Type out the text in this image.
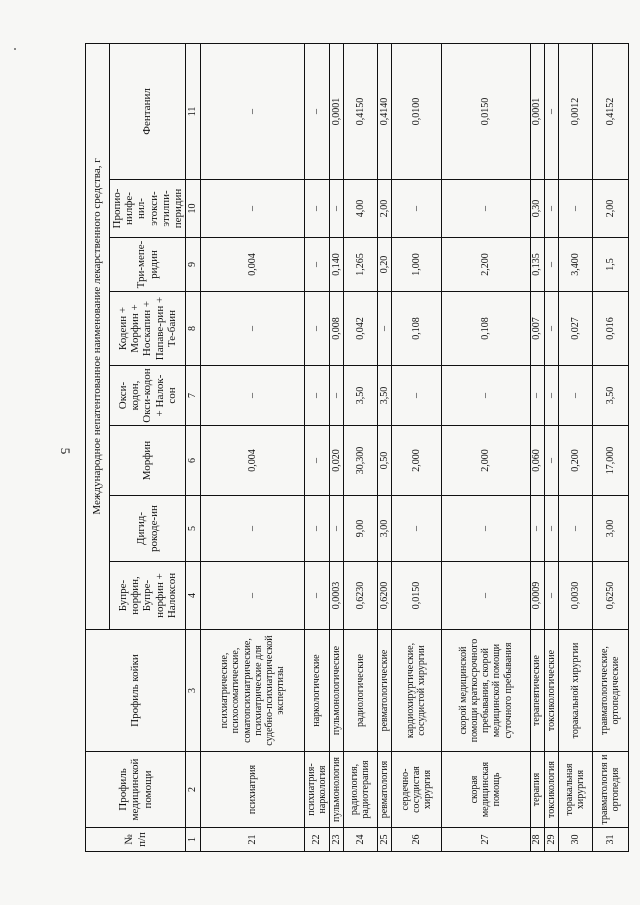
5
№ п/п	Профиль медицинской помощи	Профиль койки	Международное непатентованное наименование лекарственного средства, г							
			Бупре-норфин, Бупре-норфин + Налоксон	Дигид-рокоде-ин	Морфин	Окси-кодон, Окси-кодон + Налок-сон	Кодеин + Морфин + Носкапин + Папаве-рин + Те-баин	Три-мепе-ридин	Пропио-нилфе-нил-этокси-этилпи-перидин	Фентанил
1	2	3	4	5	6	7	8	9	10	11
21	психиатрия	психиатрические, психосоматические, соматопсихиатрические, психиатрические для судебно-психиатрической экспертизы	–	–	0,004	–	–	0,004	–	–
22	психиатрия-наркология	наркологические	–	–	–	–	–	–	–	–
23	пульмонология	пульмонологические	0,0003	–	0,020	–	0,008	0,140	–	0,0001
24	радиология, радиотерапия	радиологические	0,6230	9,00	30,300	3,50	0,042	1,265	4,00	0,4150
25	ревматология	ревматологические	0,6200	3,00	0,50	3,50	–	0,20	2,00	0,4140
26	сердечно-сосудистая хирургия	кардиохирургические, сосудистой хирургии	0,0150	–	2,000	–	0,108	1,000	–	0,0100
27	скорая медицинская помощь	скорой медицинской помощи краткосрочного пребывания, скорой медицинской помощи суточного пребывания	–	–	2,000	–	0,108	2,200	–	0,0150
28	терапия	терапевтические	0,0009	–	0,060	–	0,007	0,135	0,30	0,0001
29	токсикология	токсикологические	–	–	–	–	–	–	–	–
30	торакальная хирургия	торакальной хирургии	0,0030	–	0,200	–	0,027	3,400	–	0,0012
31	травматология и ортопедия	травматологические, ортопедические	0,6250	3,00	17,000	3,50	0,016	1,5	2,00	0,4152
